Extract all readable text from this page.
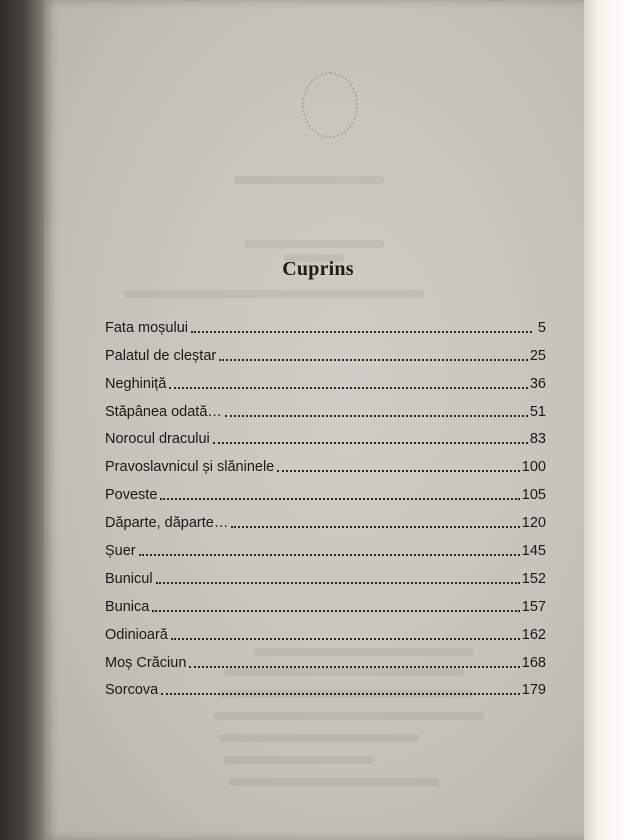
Cuprins
Fata moșului	5
Palatul de cleștar	25
Neghiniță	36
Stăpânea odată…	51
Norocul dracului	83
Pravoslavnicul și slăninele	100
Poveste	105
Dăparte, dăparte…	120
Șuer	145
Bunicul	152
Bunica	157
Odinioară	162
Moș Crăciun	168
Sorcova	179
